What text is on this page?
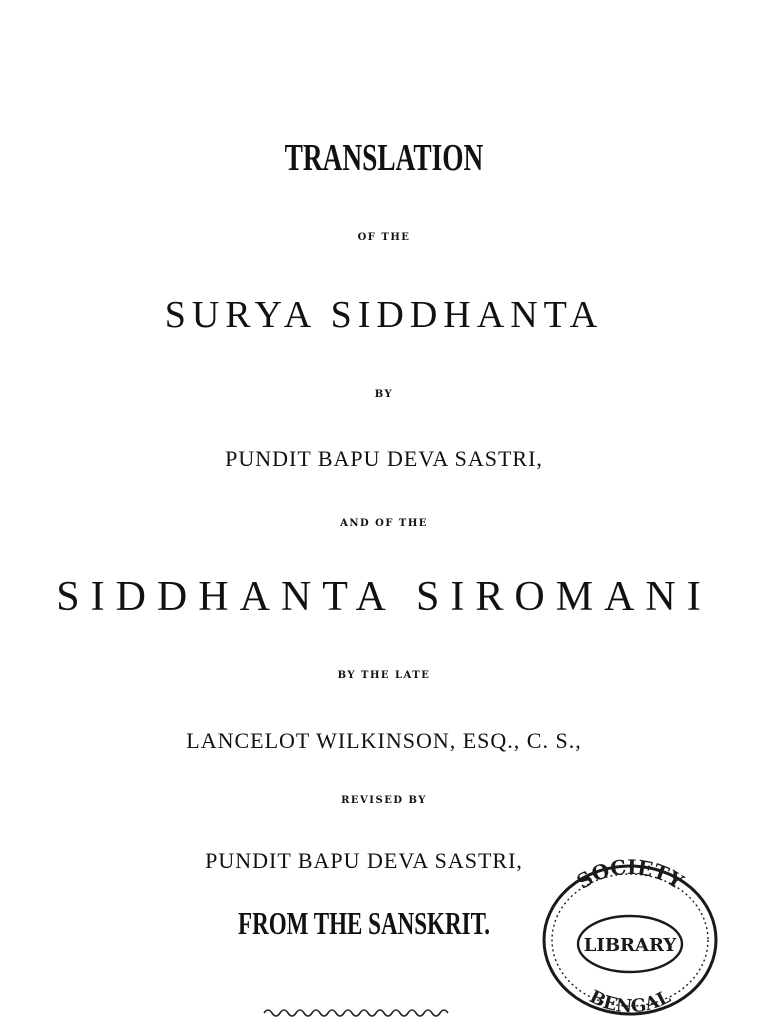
TRANSLATION
OF THE
SURYA SIDDHANTA
BY
PUNDIT BAPU DEVA SASTRI,
AND OF THE
SIDDHANTA SIROMANI
BY THE LATE
LANCELOT WILKINSON, ESQ., C. S.,
REVISED BY
PUNDIT BAPU DEVA SASTRI,
FROM THE SANSKRIT.
SOCIETY
LIBRARY
BENGAL
